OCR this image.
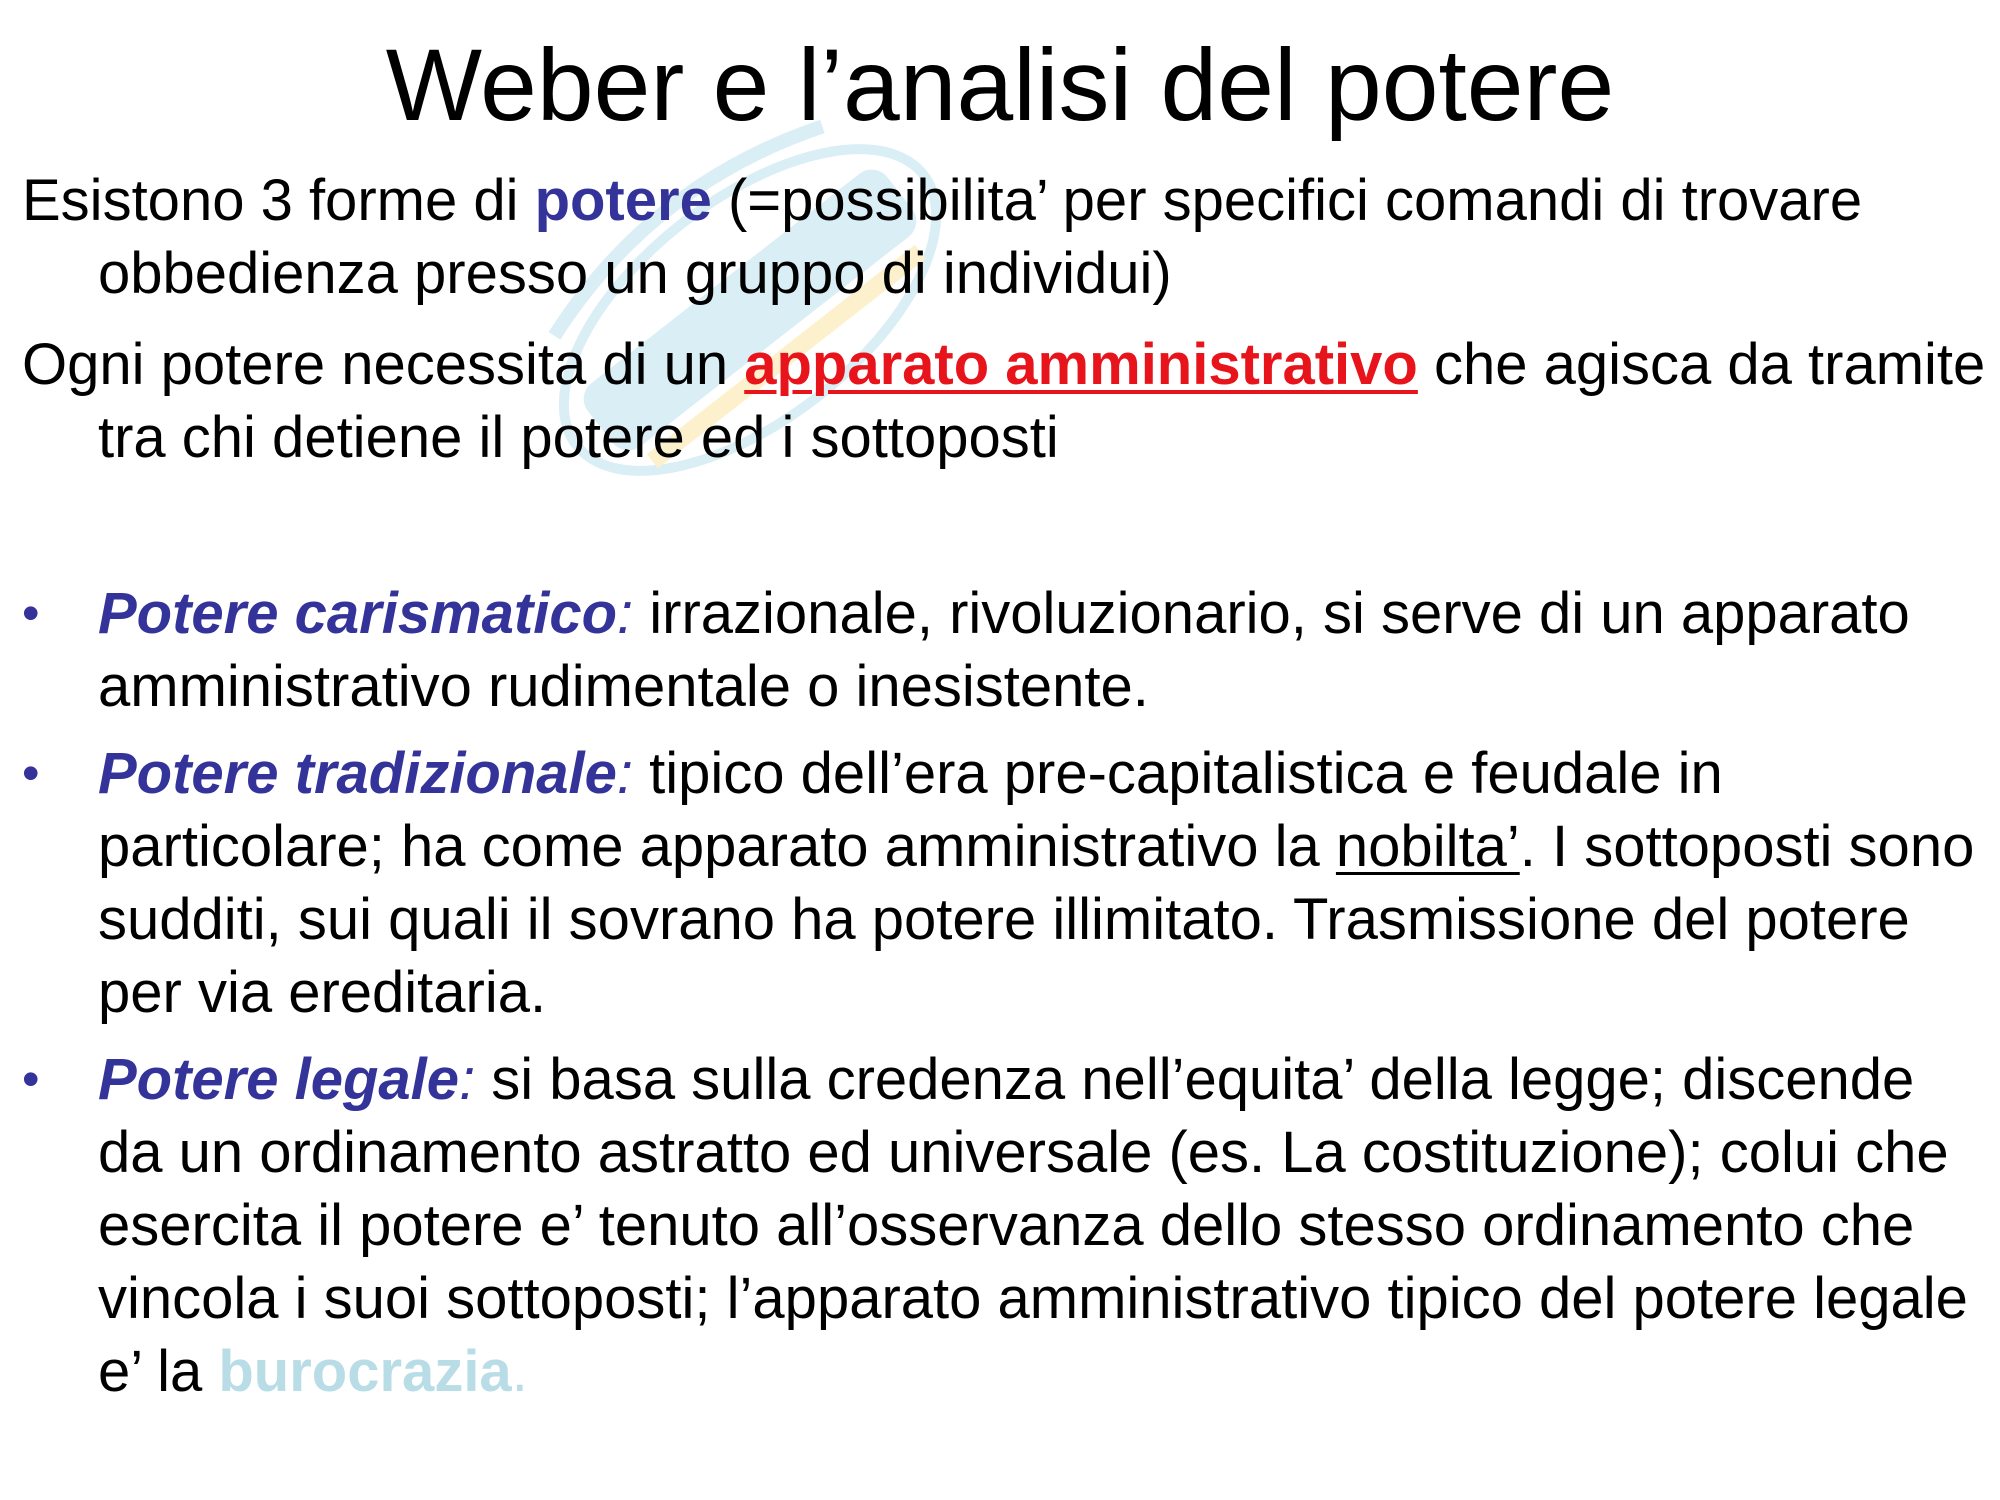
Weber e l’analisi del potere

Esistono 3 forme di potere (=possibilita’ per specifici comandi di trovare obbedienza presso un gruppo di individui)

Ogni potere necessita di un apparato amministrativo che agisca da tramite tra chi detiene il potere ed i sottoposti

•	Potere carismatico: irrazionale, rivoluzionario, si serve di un apparato amministrativo rudimentale o inesistente.
•	Potere tradizionale: tipico dell’era pre-capitalistica e feudale in particolare; ha come apparato amministrativo la nobilta’. I sottoposti sono sudditi, sui quali il sovrano ha potere illimitato. Trasmissione del potere per via ereditaria.
•	Potere legale: si basa sulla credenza nell’equita’ della legge; discende da un ordinamento astratto ed universale (es. La costituzione); colui che esercita il potere e’ tenuto all’osservanza dello stesso ordinamento che vincola i suoi sottoposti; l’apparato amministrativo tipico del potere legale e’ la burocrazia.
